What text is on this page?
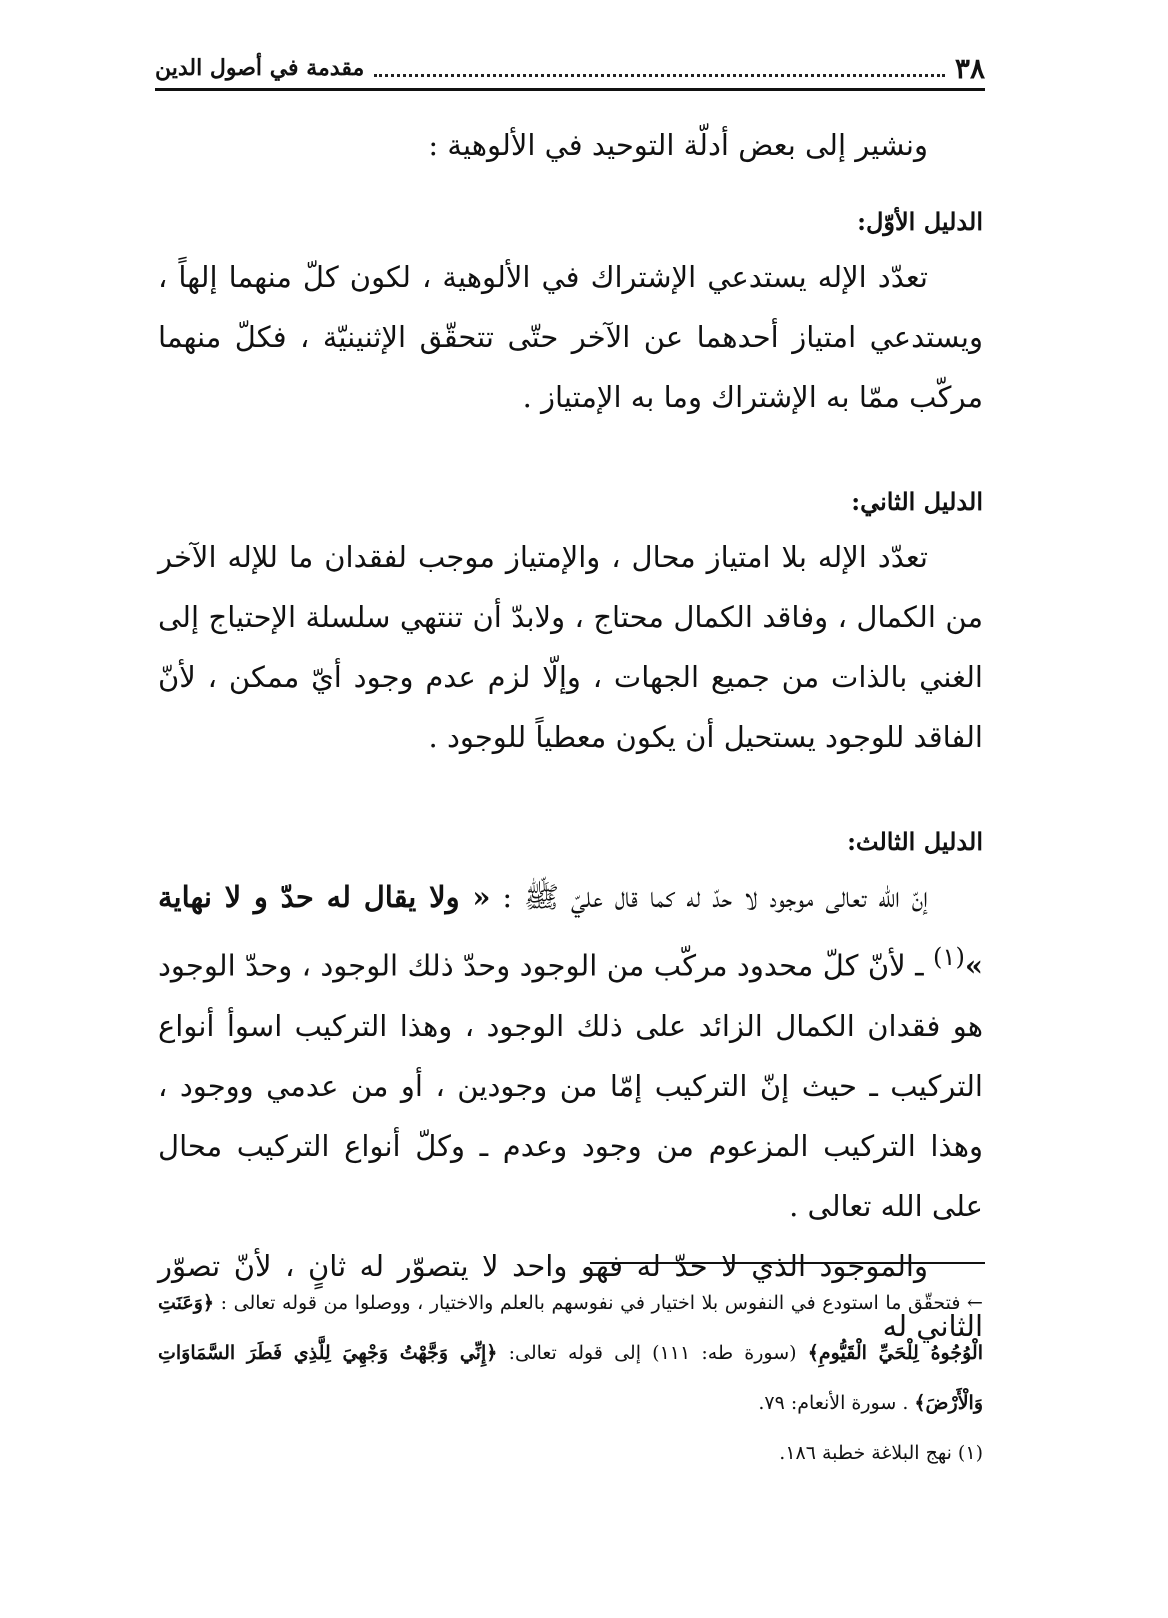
٣٨
مقدمة في أصول الدين
ونشير إلى بعض أدلّة التوحيد في الألوهية :
الدليل الأوّل:

تعدّد الإله يستدعي الإشتراك في الألوهية ، لكون كلّ منهما إلهاً ، ويستدعي امتياز أحدهما عن الآخر حتّى تتحقّق الإثنينيّة ، فكلّ منهما مركّب ممّا به الإشتراك وما به الإمتياز .

الدليل الثاني:

تعدّد الإله بلا امتياز محال ، والإمتياز موجب لفقدان ما للإله الآخر من الكمال ، وفاقد الكمال محتاج ، ولابدّ أن تنتهي سلسلة الإحتياج إلى الغني بالذات من جميع الجهات ، وإلّا لزم عدم وجود أيّ ممكن ، لأنّ الفاقد للوجود يستحيل أن يكون معطياً للوجود .

الدليل الثالث:

إنّ الله تعالى موجود لا حدّ له كما قال عليّ ﷺ : « ولا يقال له حدّ و لا نهاية »$^{(١)}$ ـ لأنّ كلّ محدود مركّب من الوجود وحدّ ذلك الوجود ، وحدّ الوجود هو فقدان الكمال الزائد على ذلك الوجود ، وهذا التركيب اسوأ أنواع التركيب ـ حيث إنّ التركيب إمّا من وجودين ، أو من عدمي ووجود ، وهذا التركيب المزعوم من وجود وعدم ـ وكلّ أنواع التركيب محال على الله تعالى .

والموجود الذي لا حدّ له فهو واحد لا يتصوّر له ثانٍ ، لأنّ تصوّر الثاني له

← فتحقّق ما استودع في النفوس بلا اختيار في نفوسهم بالعلم والاختيار ، ووصلوا من قوله تعالى : ﴿وَعَنَتِ الْوُجُوهُ لِلْحَيِّ الْقَيُّومِ﴾ (سورة طه: ١١١) إلى قوله تعالى: ﴿إِنِّي وَجَّهْتُ وَجْهِيَ لِلَّذِي فَطَرَ السَّمَاوَاتِ وَالْأَرْضَ﴾ . سورة الأنعام: ٧٩.

(١) نهج البلاغة خطبة ١٨٦.
